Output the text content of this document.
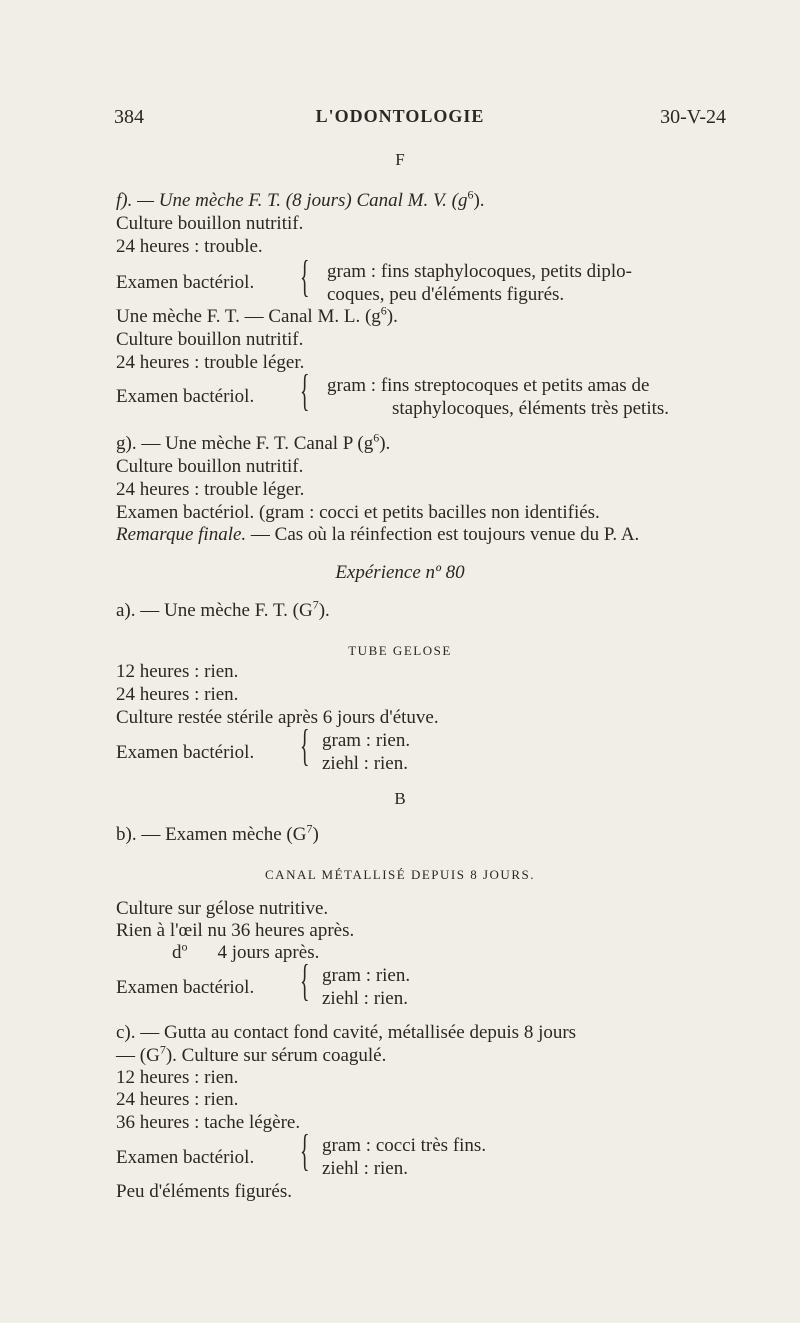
384	L'ODONTOLOGIE	30-V-24
F
f). — Une mèche F. T. (8 jours) Canal M. V. $(g^6)$.
Culture bouillon nutritif.
24 heures : trouble.
Examen bactériol. { gram : fins staphylocoques, petits diplo-
coques, peu d'éléments figurés.
Une mèche F. T. — Canal M. L. $(g^6)$.
Culture bouillon nutritif.
24 heures : trouble léger.
Examen bactériol. { gram : fins streptocoques et petits amas de
staphylocoques, éléments très petits.
g). — Une mèche F. T. Canal P $(g^6)$.
Culture bouillon nutritif.
24 heures : trouble léger.
Examen bactériol. (gram : cocci et petits bacilles non identifiés.
Remarque finale. — Cas où la réinfection est toujours venue du P. A.
Expérience nº 80
a). — Une mèche F. T. $(G^7)$.
TUBE GELOSE
12 heures : rien.
24 heures : rien.
Culture restée stérile après 6 jours d'étuve.
Examen bactériol. { gram : rien.
ziehl : rien.
B
b). — Examen mèche $(G^7)$
CANAL MÉTALLISÉ DEPUIS 8 JOURS.
Culture sur gélose nutritive.
Rien à l'œil nu 36 heures après.
$d^o$ 4 jours après.
Examen bactériol. { gram : rien.
ziehl : rien.
c). — Gutta au contact fond cavité, métallisée depuis 8 jours
— $(G^7)$. Culture sur sérum coagulé.
12 heures : rien.
24 heures : rien.
36 heures : tache légère.
Examen bactériol. { gram : cocci très fins.
ziehl : rien.
Peu d'éléments figurés.
